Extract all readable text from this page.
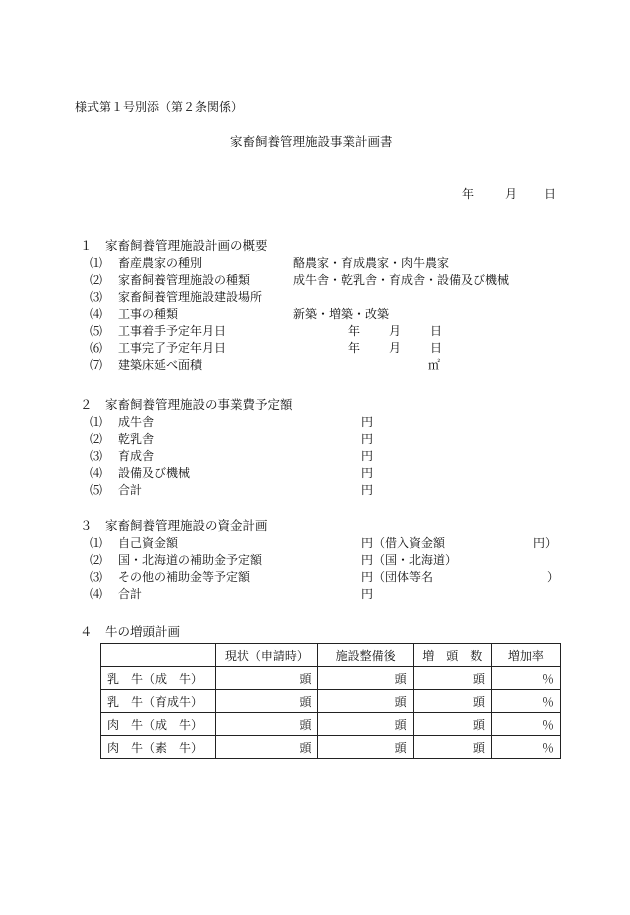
様式第１号別添（第２条関係）
家畜飼養管理施設事業計画書
年	月 日
１　家畜飼養管理施設計画の概要
⑴ 畜産農家の種別	酪農家・育成農家・肉牛農家
⑵ 家畜飼養管理施設の種類	成牛舎・乾乳舎・育成舎・設備及び機械
⑶ 家畜飼養管理施設建設場所
⑷ 工事の種類	新築・増築・改築
⑸ 工事着手予定年月日	年 月 日
⑹ 工事完了予定年月日	年 月 日
⑺ 建築床延べ面積	㎡
２　家畜飼養管理施設の事業費予定額
⑴ 成牛舎	円
⑵ 乾乳舎	円
⑶ 育成舎	円
⑷ 設備及び機械	円
⑸ 合計	円
３　家畜飼養管理施設の資金計画
⑴ 自己資金額	円 （借入資金額	円）
⑵ 国・北海道の補助金予定額	円 （国・北海道）
⑶ その他の補助金等予定額	円 （団体等名	）
⑷ 合計	円
４　牛の増頭計画
	現状（申請時）	施設整備後	増　頭　数	増加率
乳　牛（成　牛）	頭	頭	頭	％
乳　牛（育成牛）	頭	頭	頭	％
肉　牛（成　牛）	頭	頭	頭	％
肉　牛（素　牛）	頭	頭	頭	％
